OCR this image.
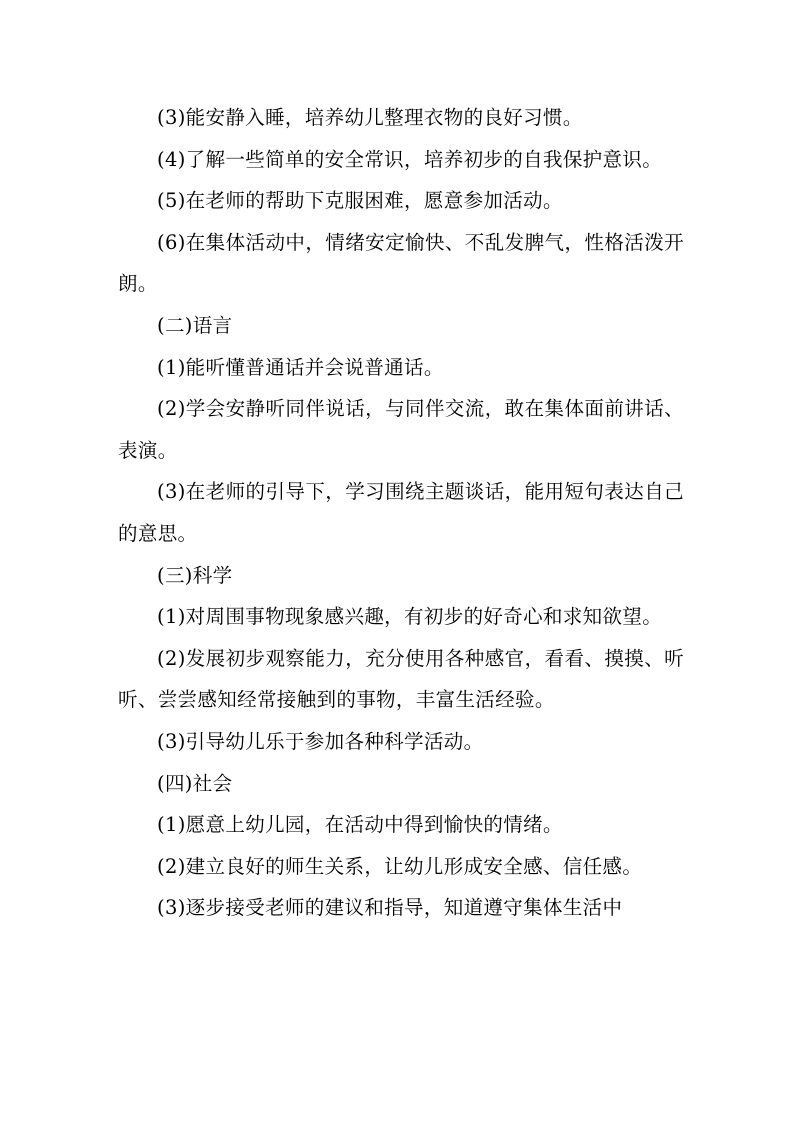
(3)能安静入睡，培养幼儿整理衣物的良好习惯。

(4)了解一些简单的安全常识，培养初步的自我保护意识。

(5)在老师的帮助下克服困难，愿意参加活动。

(6)在集体活动中，情绪安定愉快、不乱发脾气，性格活泼开朗。

(二)语言

(1)能听懂普通话并会说普通话。

(2)学会安静听同伴说话，与同伴交流，敢在集体面前讲话、表演。

(3)在老师的引导下，学习围绕主题谈话，能用短句表达自己的意思。

(三)科学

(1)对周围事物现象感兴趣，有初步的好奇心和求知欲望。

(2)发展初步观察能力，充分使用各种感官，看看、摸摸、听听、尝尝感知经常接触到的事物，丰富生活经验。

(3)引导幼儿乐于参加各种科学活动。

(四)社会

(1)愿意上幼儿园，在活动中得到愉快的情绪。

(2)建立良好的师生关系，让幼儿形成安全感、信任感。

(3)逐步接受老师的建议和指导，知道遵守集体生活中
